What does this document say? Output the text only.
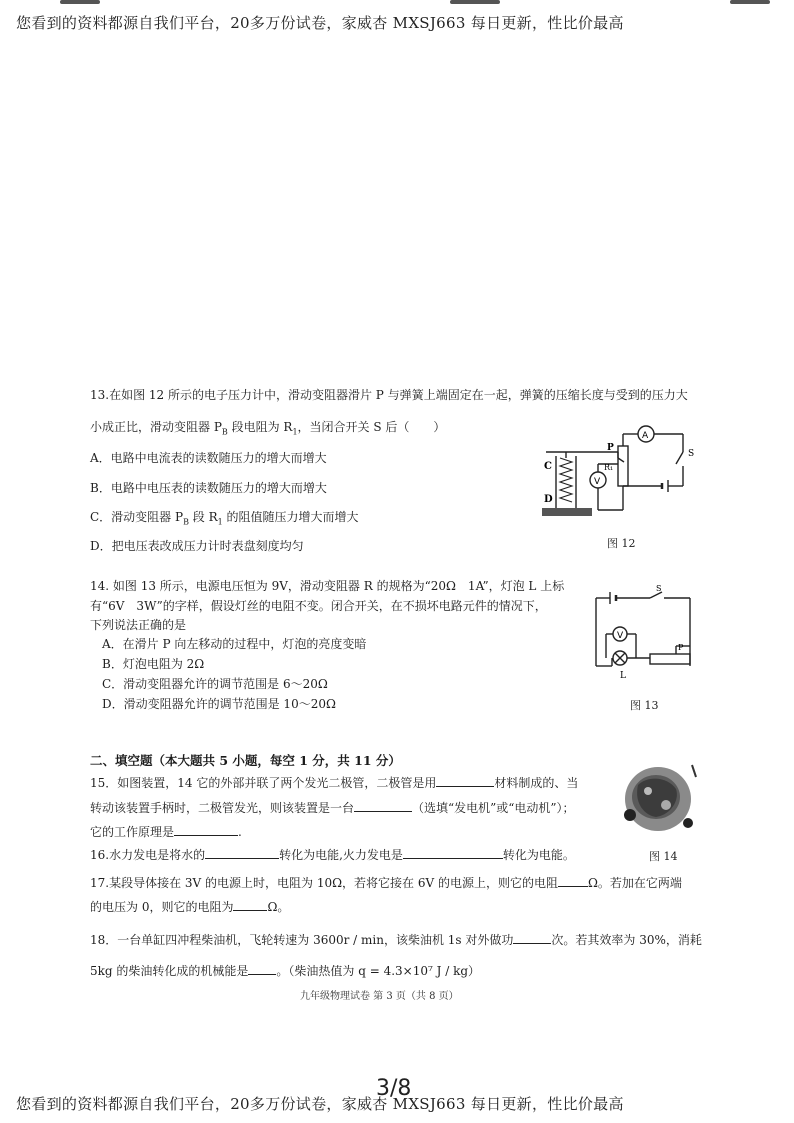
您看到的资料都源自我们平台，20多万份试卷，家威杏 MXSJ663 每日更新，性比价最高
13.在如图 12 所示的电子压力计中，滑动变阻器滑片 P 与弹簧上端固定在一起，弹簧的压缩长度与受到的压力大
小成正比，滑动变阻器 $P_B$ 段电阻为 $R_1$，当闭合开关 S 后（　　）
A．电路中电流表的读数随压力的增大而增大
B．电路中电压表的读数随压力的增大而增大
C．滑动变阻器 $P_B$ 段 $R_1$ 的阻值随压力增大而增大
D．把电压表改成压力计时表盘刻度均匀
C
D
P
R₁
A
V
S
图 12
14. 如图 13 所示，电源电压恒为 9V，滑动变阻器 R 的规格为“20Ω　1A”，灯泡 L 上标
有“6V　3W”的字样，假设灯丝的电阻不变。闭合开关，在不损坏电路元件的情况下，
下列说法正确的是
A．在滑片 P 向左移动的过程中，灯泡的亮度变暗
B．灯泡电阻为 2Ω
C．滑动变阻器允许的调节范围是 6～20Ω
D．滑动变阻器允许的调节范围是 10～20Ω
V
L
P
S
图 13
二、填空题（本大题共 5 小题，每空 1 分，共 11 分）
15．如图装置，14 它的外部并联了两个发光二极管，二极管是用	材料制成的、当
转动该装置手柄时，二极管发光，则该装置是一台	（选填“发电机”或“电动机”）；
它的工作原理是	.
图 14
16.水力发电是将水的	转化为电能,火力发电是	转化为电能。
17.某段导体接在 3V 的电源上时，电阻为 10Ω，若将它接在 6V 的电源上，则它的电阻	Ω。若加在它两端
的电压为 0，则它的电阻为	Ω。
18．一台单缸四冲程柴油机，飞轮转速为 3600r / min，该柴油机 1s 对外做功	次。若其效率为 30%，消耗
5kg 的柴油转化成的机械能是 。（柴油热值为 q = 4.3×10⁷ J / kg）
九年级物理试卷 第 3 页（共 8 页）
3/8
您看到的资料都源自我们平台，20多万份试卷，家威杏 MXSJ663 每日更新，性比价最高
